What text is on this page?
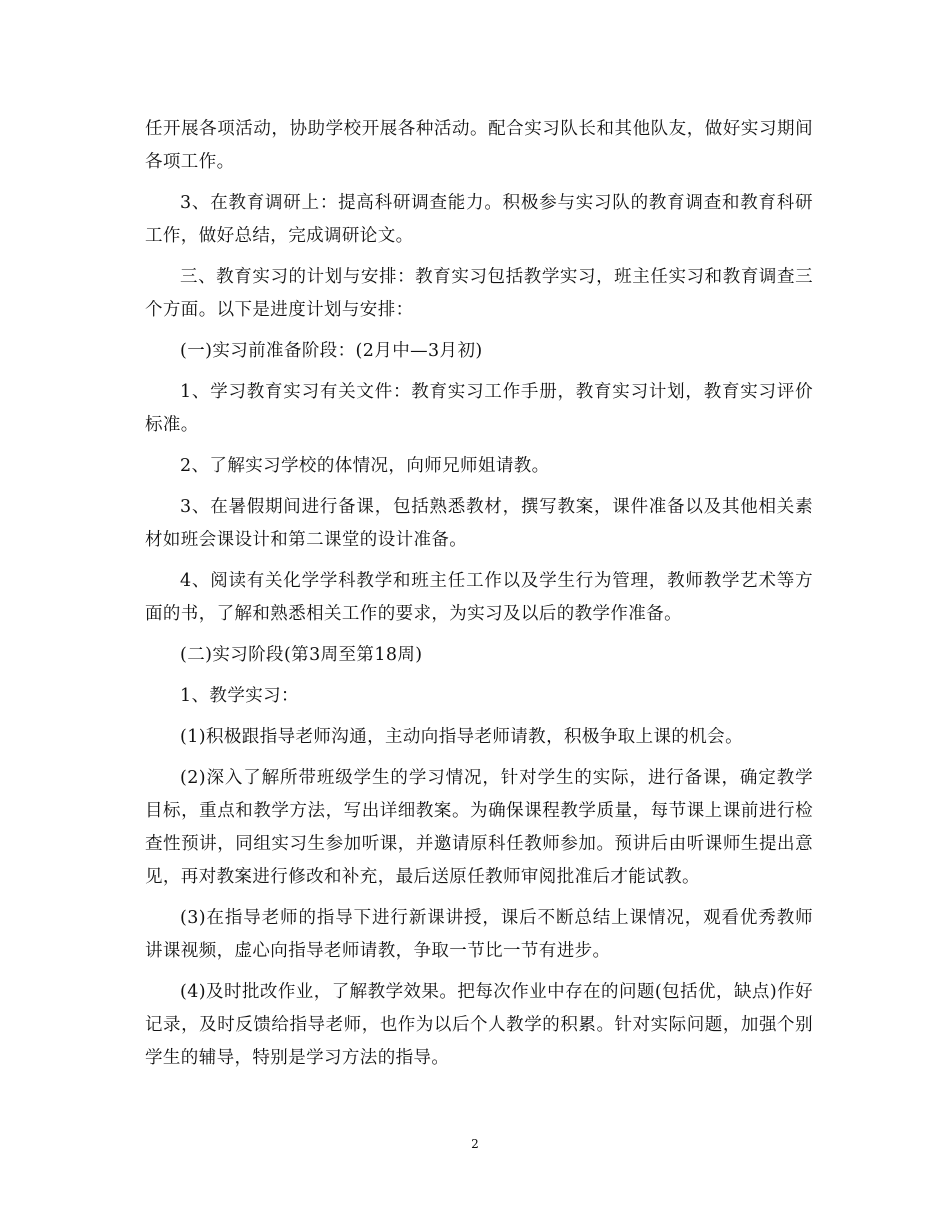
任开展各项活动，协助学校开展各种活动。配合实习队长和其他队友，做好实习期间各项工作。

3、在教育调研上：提高科研调查能力。积极参与实习队的教育调查和教育科研工作，做好总结，完成调研论文。

三、教育实习的计划与安排：教育实习包括教学实习，班主任实习和教育调查三个方面。以下是进度计划与安排：

(一)实习前准备阶段：(2月中—3月初)

1、学习教育实习有关文件：教育实习工作手册，教育实习计划，教育实习评价标准。

2、了解实习学校的体情况，向师兄师姐请教。

3、在暑假期间进行备课，包括熟悉教材，撰写教案，课件准备以及其他相关素材如班会课设计和第二课堂的设计准备。

4、阅读有关化学学科教学和班主任工作以及学生行为管理，教师教学艺术等方面的书，了解和熟悉相关工作的要求，为实习及以后的教学作准备。

(二)实习阶段(第3周至第18周)

1、教学实习：

(1)积极跟指导老师沟通，主动向指导老师请教，积极争取上课的机会。

(2)深入了解所带班级学生的学习情况，针对学生的实际，进行备课，确定教学目标，重点和教学方法，写出详细教案。为确保课程教学质量，每节课上课前进行检查性预讲，同组实习生参加听课，并邀请原科任教师参加。预讲后由听课师生提出意见，再对教案进行修改和补充，最后送原任教师审阅批准后才能试教。

(3)在指导老师的指导下进行新课讲授，课后不断总结上课情况，观看优秀教师讲课视频，虚心向指导老师请教，争取一节比一节有进步。

(4)及时批改作业，了解教学效果。把每次作业中存在的问题(包括优，缺点)作好记录，及时反馈给指导老师，也作为以后个人教学的积累。针对实际问题，加强个别学生的辅导，特别是学习方法的指导。

2
